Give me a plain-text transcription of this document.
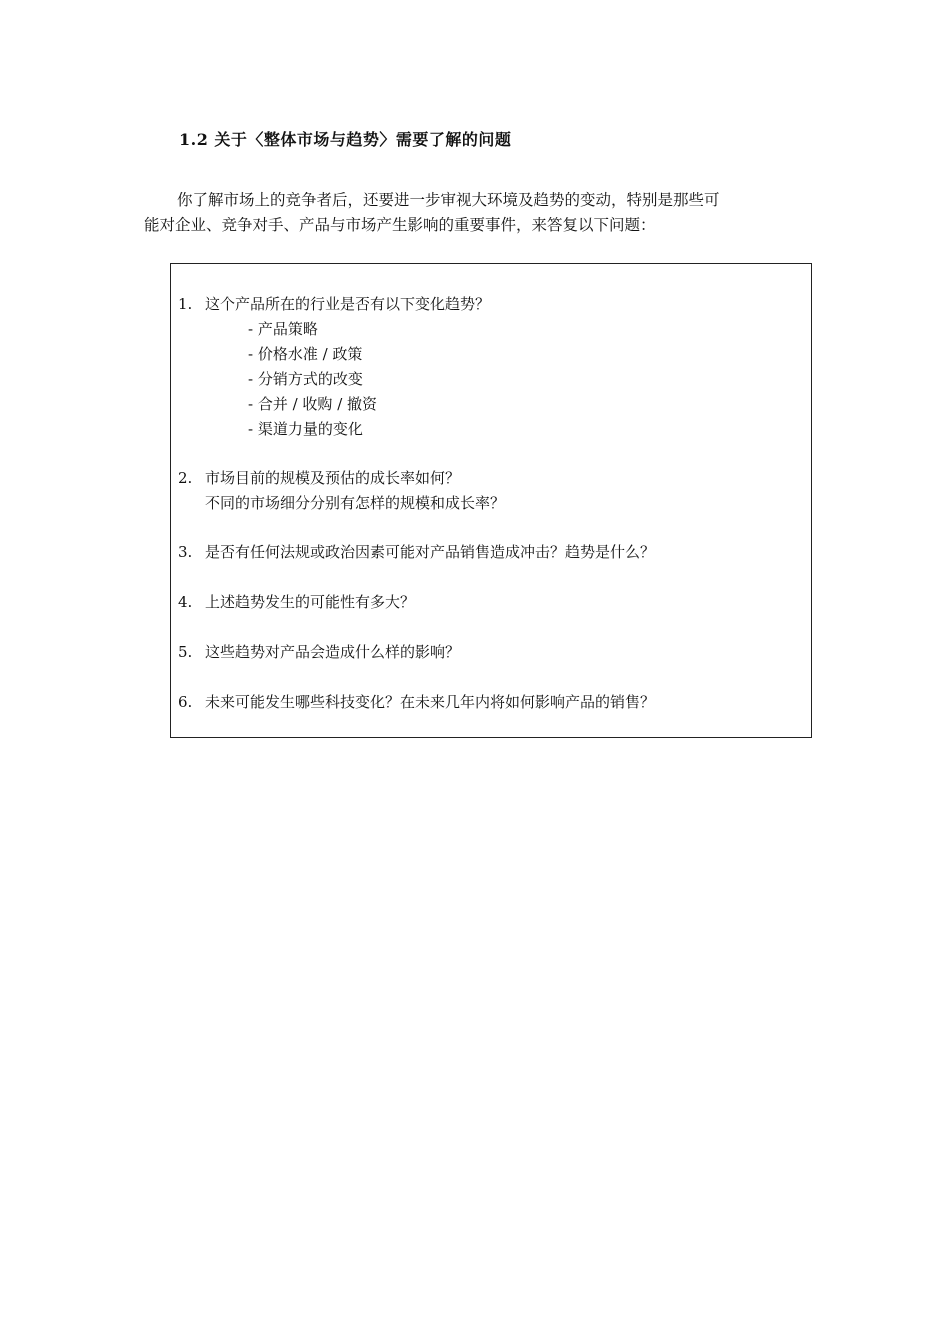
1.2 关于〈整体市场与趋势〉需要了解的问题

你了解市场上的竞争者后，还要进一步审视大环境及趋势的变动，特别是那些可

能对企业、竞争对手、产品与市场产生影响的重要事件，来答复以下问题：

1. 这个产品所在的行业是否有以下变化趋势？
- 产品策略
- 价格水准 / 政策
- 分销方式的改变
- 合并 / 收购 / 撤资
- 渠道力量的变化
2. 市场目前的规模及预估的成长率如何？
不同的市场细分分别有怎样的规模和成长率？
3. 是否有任何法规或政治因素可能对产品销售造成冲击？趋势是什么？
4. 上述趋势发生的可能性有多大？
5. 这些趋势对产品会造成什么样的影响？
6. 未来可能发生哪些科技变化？在未来几年内将如何影响产品的销售？
